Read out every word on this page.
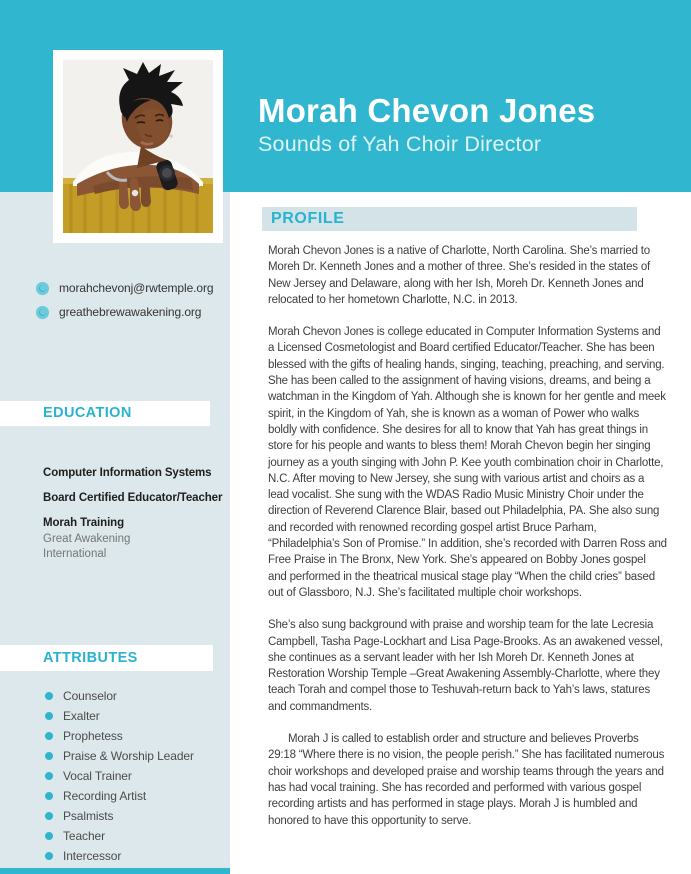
Morah Chevon Jones
Sounds of Yah Choir Director
morahchevonj@rwtemple.org
greathebrewawakening.org
EDUCATION
Computer Information Systems
Board Certified Educator/Teacher
Morah Training
Great Awakening
International
ATTRIBUTES
Counselor
Exalter
Prophetess
Praise & Worship Leader
Vocal Trainer
Recording Artist
Psalmists
Teacher
Intercessor
PROFILE

Morah Chevon Jones is a native of Charlotte, North Carolina. She’s married to Moreh Dr. Kenneth Jones and a mother of three. She’s resided in the states of New Jersey and Delaware, along with her Ish, Moreh Dr. Kenneth Jones and relocated to her hometown Charlotte, N.C. in 2013.

Morah Chevon Jones is college educated in Computer Information Systems and a Licensed Cosmetologist and Board certified Educator/Teacher. She has been blessed with the gifts of healing hands, singing, teaching, preaching, and serving. She has been called to the assignment of having visions, dreams, and being a watchman in the Kingdom of Yah. Although she is known for her gentle and meek spirit, in the Kingdom of Yah, she is known as a woman of Power who walks boldly with confidence. She desires for all to know that Yah has great things in store for his people and wants to bless them! Morah Chevon begin her singing journey as a youth singing with John P. Kee youth combination choir in Charlotte, N.C. After moving to New Jersey, she sung with various artist and choirs as a lead vocalist. She sung with the WDAS Radio Music Ministry Choir under the direction of Reverend Clarence Blair, based out Philadelphia, PA. She also sung and recorded with renowned recording gospel artist Bruce Parham, “Philadelphia’s Son of Promise.” In addition, she’s recorded with Darren Ross and Free Praise in The Bronx, New York. She’s appeared on Bobby Jones gospel and performed in the theatrical musical stage play “When the child cries” based out of Glassboro, N.J. She’s facilitated multiple choir workshops.

She’s also sung background with praise and worship team for the late Lecresia Campbell, Tasha Page-Lockhart and Lisa Page-Brooks. As an awakened vessel, she continues as a servant leader with her Ish Moreh Dr. Kenneth Jones at Restoration Worship Temple –Great Awakening Assembly-Charlotte, where they teach Torah and compel those to Teshuvah-return back to Yah’s laws, statures and commandments.

Morah J is called to establish order and structure and believes Proverbs 29:18 “Where there is no vision, the people perish.” She has facilitated numerous choir workshops and developed praise and worship teams through the years and has had vocal training. She has recorded and performed with various gospel recording artists and has performed in stage plays. Morah J is humbled and honored to have this opportunity to serve.
